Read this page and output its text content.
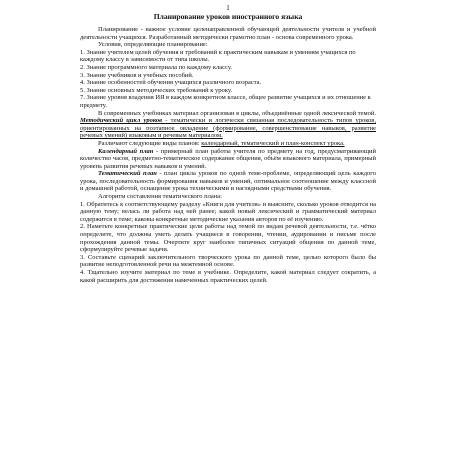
1
Планирование уроков иностранного языка

Планирование - важное условие целенаправленной обучающей деятельности учителя и учебной деятельности учащихся. Разработанный методически грамотно план - основа современного урока.

Условия, определяющие планирование:

1. Знание учителем целей обучения и требований к практическим навыкам и умениям учащихся по каждому классу в зависимости от типа школы.
2. Знание программного материала по каждому классу.
3. Знание учебников и учебных пособий.
4. Знание особенностей обучения учащихся различного возраста.
5. Знание основных методических требований к уроку.
7. Знание уровня владения ИЯ в каждом конкретном классе, общее развитие учащихся и их отношение к предмету.

В современных учебниках материал организован в циклы, объединённые одной лексической темой. Методический цикл уроков - тематически и логически связанная последовательность типов уроков, ориентированных на поэтапное овладение (формирование, совершенствование навыков, развитие речевых умений) языковым и речевым материалом.

Различают следующие виды планов: календарный, тематический и план-конспект урока.

Календарный план - примерный план работы учителя по предмету на год, предусматривающий количество часов, предметно-тематическое содержание общения, объём языкового материала, примерный уровень развития речевых навыков и умений.

Тематический план - план цикла уроков по одной теме-проблеме, определяющий цель каждого урока, последовательность формирования навыков и умений, оптимальное соотношение между классной и домашней работой, оснащение урока техническими и наглядными средствами обучения.

Алгоритм составления тематического плана:

1. Обратитесь к соответствующему разделу «Книги для учителя» и выясните, сколько уроков отводится на данную тему; велась ли работа над ней ранее; какой новый лексический и грамматический материал содержится в теме; каковы конкретные методические указания авторов по её изучению.

2. Наметьте конкретные практические цели работы над темой по видам речевой деятельности, т.е. чётко определите, что должны уметь делать учащиеся в говорении, чтении, аудировании и письме после прохождения данной темы. Очертите круг наиболее типичных ситуаций общения по данной теме, сформулируйте речевые задачи.

3. Составьте сценарий заключительного творческого урока по данной теме, целью которого было бы развитие неподготовленной речи на межтемной основе.

4. Тщательно изучите материал по теме в учебнике. Определите, какой материал следует сократить, а какой расширить для достижения намеченных практических целей.
